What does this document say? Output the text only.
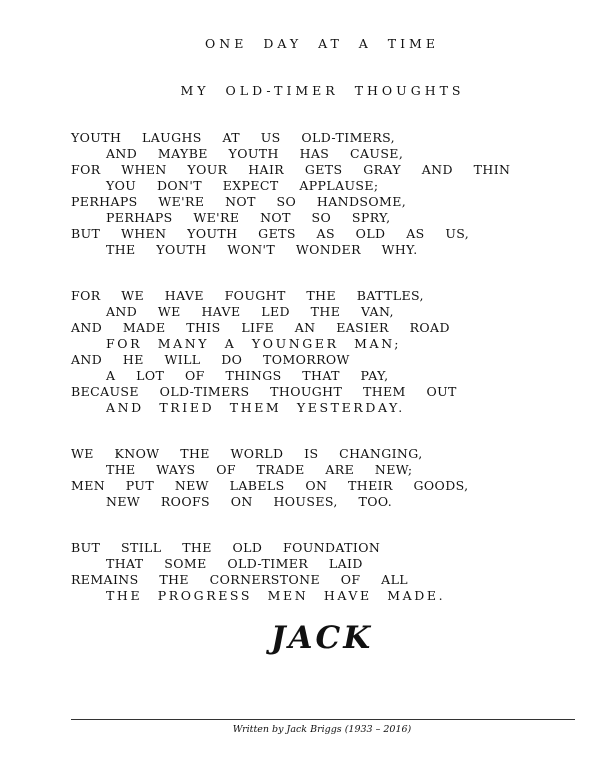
ONE DAY AT A TIME
MY OLD-TIMER THOUGHTS
YOUTH  LAUGHS  AT  US  OLD-TIMERS,
AND  MAYBE  YOUTH  HAS  CAUSE,
FOR  WHEN  YOUR  HAIR  GETS  GRAY  AND  THIN
YOU  DON'T  EXPECT  APPLAUSE;
PERHAPS  WE'RE  NOT  SO  HANDSOME,
PERHAPS  WE'RE  NOT  SO  SPRY,
BUT  WHEN  YOUTH  GETS  AS  OLD  AS  US,
THE  YOUTH  WON'T  WONDER  WHY.
FOR  WE  HAVE  FOUGHT  THE  BATTLES,
AND  WE  HAVE  LED  THE  VAN,
AND  MADE  THIS  LIFE  AN  EASIER  ROAD
FOR MANY A YOUNGER MAN;
AND  HE  WILL  DO  TOMORROW
A  LOT  OF  THINGS  THAT  PAY,
BECAUSE  OLD-TIMERS  THOUGHT  THEM  OUT
AND TRIED THEM YESTERDAY.
WE  KNOW  THE  WORLD  IS  CHANGING,
THE  WAYS  OF  TRADE  ARE  NEW;
MEN  PUT  NEW  LABELS  ON  THEIR  GOODS,
NEW  ROOFS  ON  HOUSES,  TOO.
BUT  STILL  THE  OLD  FOUNDATION
THAT  SOME  OLD-TIMER  LAID
REMAINS  THE  CORNERSTONE  OF  ALL
THE PROGRESS MEN HAVE MADE.
JACK
Written by Jack Briggs (1933 – 2016)
